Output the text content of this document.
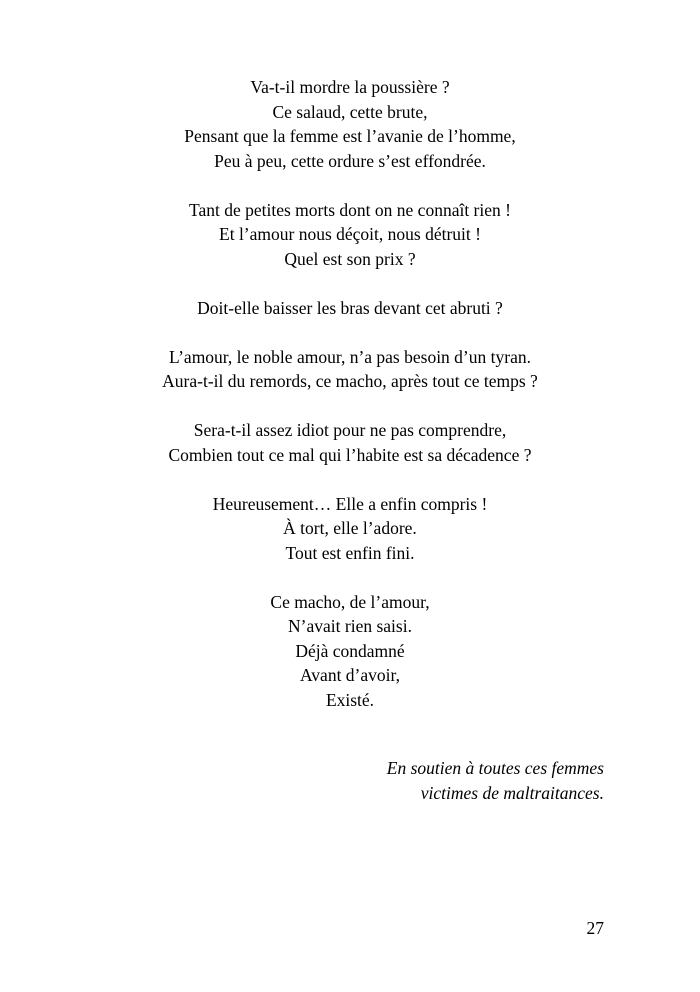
Va-t-il mordre la poussière ?
Ce salaud, cette brute,
Pensant que la femme est l’avanie de l’homme,
Peu à peu, cette ordure s’est effondrée.
Tant de petites morts dont on ne connaît rien !
Et l’amour nous déçoit, nous détruit !
Quel est son prix ?
Doit-elle baisser les bras devant cet abruti ?
L’amour, le noble amour, n’a pas besoin d’un tyran.
Aura-t-il du remords, ce macho, après tout ce temps ?
Sera-t-il assez idiot pour ne pas comprendre,
Combien tout ce mal qui l’habite est sa décadence ?
Heureusement… Elle a enfin compris !
À tort, elle l’adore.
Tout est enfin fini.
Ce macho, de l’amour,
N’avait rien saisi.
Déjà condamné
Avant d’avoir,
Existé.
En soutien à toutes ces femmes
victimes de maltraitances.
27
